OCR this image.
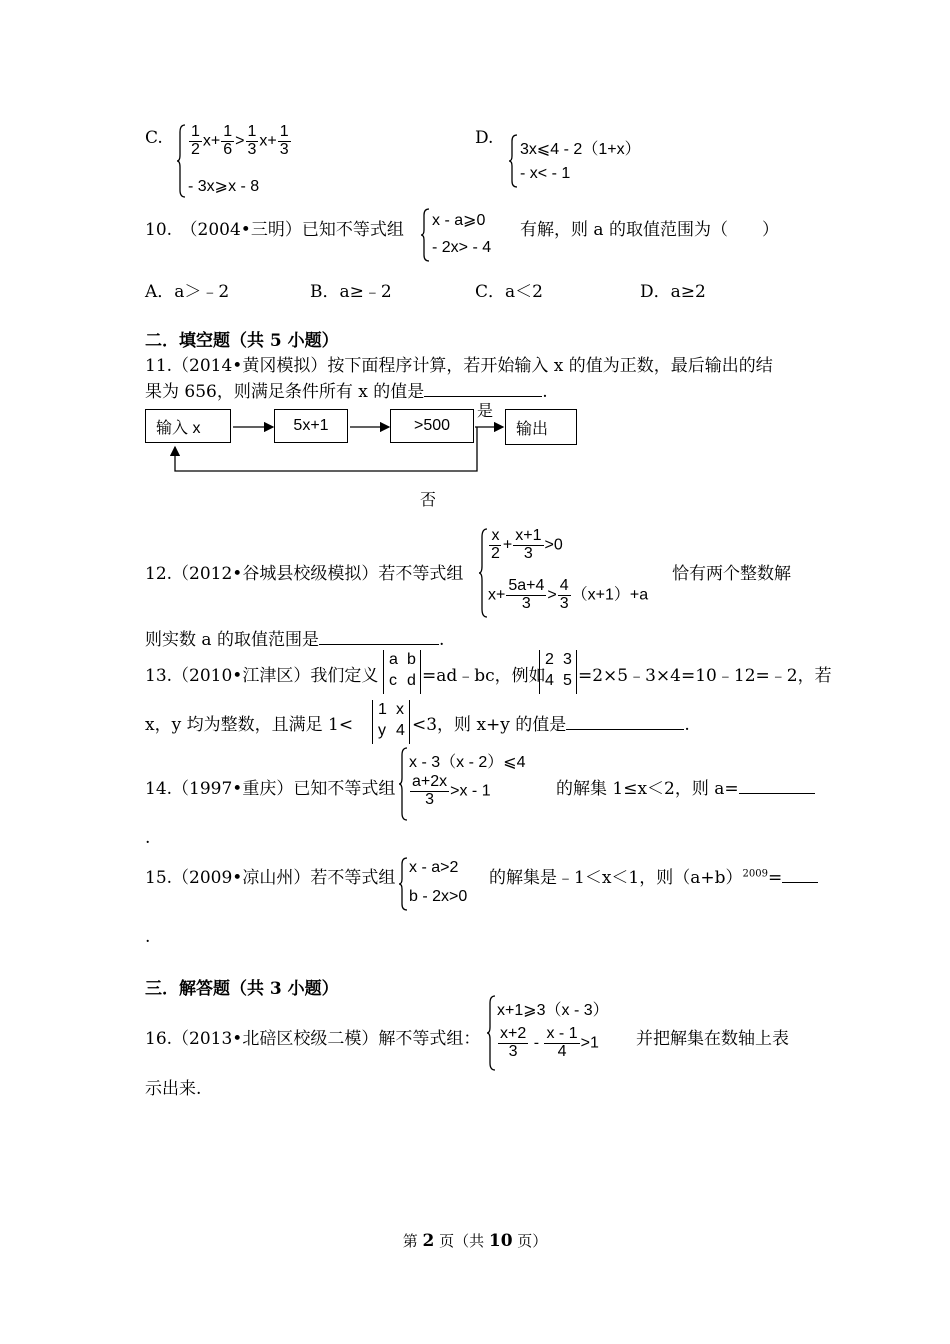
C. $\frac{1}{2} x+ \frac{1}{6} > \frac{1}{3} x+ \frac{1}{3}$
- 3x⩾x - 8
D.
3x⩽4 - 2（1+x）
- x< - 1
10.　（2004•三明）已知不等式组 x - a⩾0
- 2x> - 4
有解，则 a 的取值范围为（　　）
A．a＞﹣2	B．a≥﹣2	C．a＜2	D．a≥2
二．填空题（共 5 小题）
11.（2014•黄冈模拟）按下面程序计算，若开始输入 x 的值为正数，最后输出的结
果为 656，则满足条件所有 x 的值是	.
输入 x	5x+1	>500
是
输出
否
12.（2012•谷城县校级模拟）若不等式组
$\frac{x}{2} + \frac{x+1}{3} >0$
$x+ \frac{5a+4}{3} > \frac{4}{3} (x+1)+a$
恰有两个整数解
则实数 a 的取值范围是	.
13.（2010•江津区）我们定义
a b
c d =ad﹣bc，例如
2 3
4 5 =2×5﹣3×4=10﹣12=﹣2，若
x，y 均为整数，且满足 1<
1 x
y 4 <3，则 x+y 的值是	.
14.（1997•重庆）已知不等式组
x - 3（x - 2）⩽4
$\frac{a+2x}{3} >x - 1$	的解集 1≤x＜2，则 a=
.
15.（2009•凉山州）若不等式组
x - a>2
b - 2x>0
的解集是﹣1＜x＜1，则$(a+b)^{2009}=$
.
三．解答题（共 3 小题）
16.（2013•北碚区校级二模）解不等式组：
x+1⩾3（x - 3）
$\frac{x+2}{3} - \frac{x - 1}{4} >1$ 并把解集在数轴上表
示出来.
第 2 页（共 10 页）
